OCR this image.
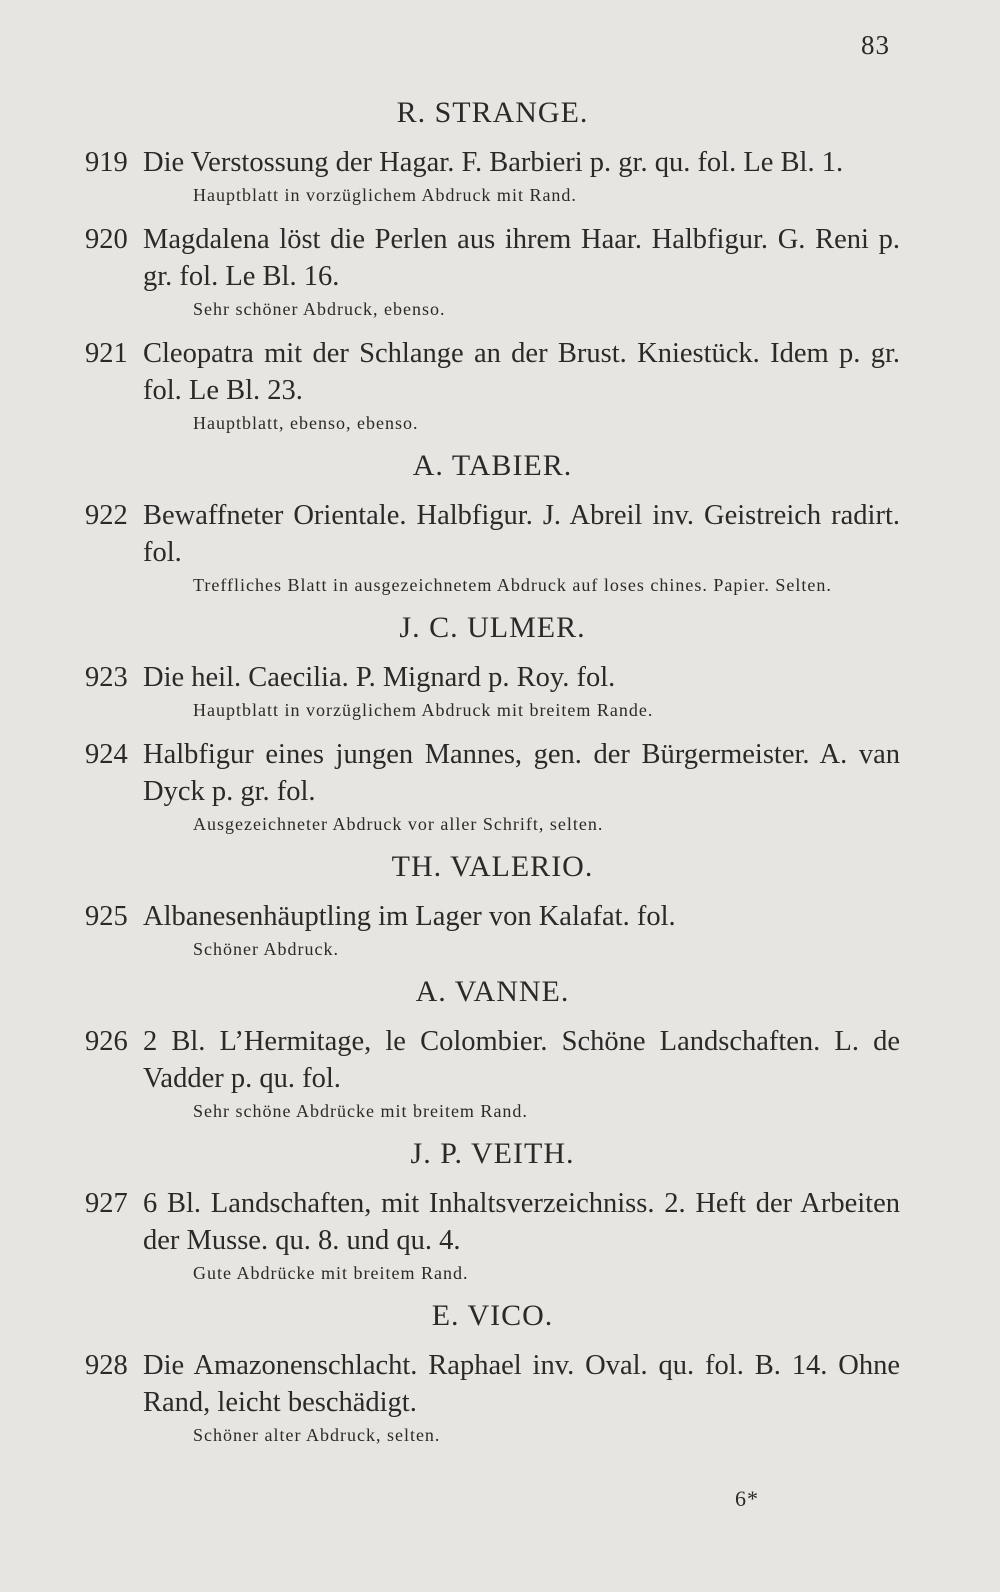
83
R. STRANGE.
919 Die Verstossung der Hagar. F. Barbieri p. gr. qu. fol. Le Bl. 1.
Hauptblatt in vorzüglichem Abdruck mit Rand.
920 Magdalena löst die Perlen aus ihrem Haar. Halbfigur. G. Reni p. gr. fol. Le Bl. 16.
Sehr schöner Abdruck, ebenso.
921 Cleopatra mit der Schlange an der Brust. Kniestück. Idem p. gr. fol. Le Bl. 23.
Hauptblatt, ebenso, ebenso.
A. TABIER.
922 Bewaffneter Orientale. Halbfigur. J. Abreil inv. Geistreich radirt. fol.
Treffliches Blatt in ausgezeichnetem Abdruck auf loses chines. Papier. Selten.
J. C. ULMER.
923 Die heil. Caecilia. P. Mignard p. Roy. fol.
Hauptblatt in vorzüglichem Abdruck mit breitem Rande.
924 Halbfigur eines jungen Mannes, gen. der Bürgermeister. A. van Dyck p. gr. fol.
Ausgezeichneter Abdruck vor aller Schrift, selten.
TH. VALERIO.
925 Albanesenhäuptling im Lager von Kalafat. fol.
Schöner Abdruck.
A. VANNE.
926 2 Bl. L’Hermitage, le Colombier. Schöne Landschaften. L. de Vadder p. qu. fol.
Sehr schöne Abdrücke mit breitem Rand.
J. P. VEITH.
927 6 Bl. Landschaften, mit Inhaltsverzeichniss. 2. Heft der Arbeiten der Musse. qu. 8. und qu. 4.
Gute Abdrücke mit breitem Rand.
E. VICO.
928 Die Amazonenschlacht. Raphael inv. Oval. qu. fol. B. 14. Ohne Rand, leicht beschädigt.
Schöner alter Abdruck, selten.
6*
